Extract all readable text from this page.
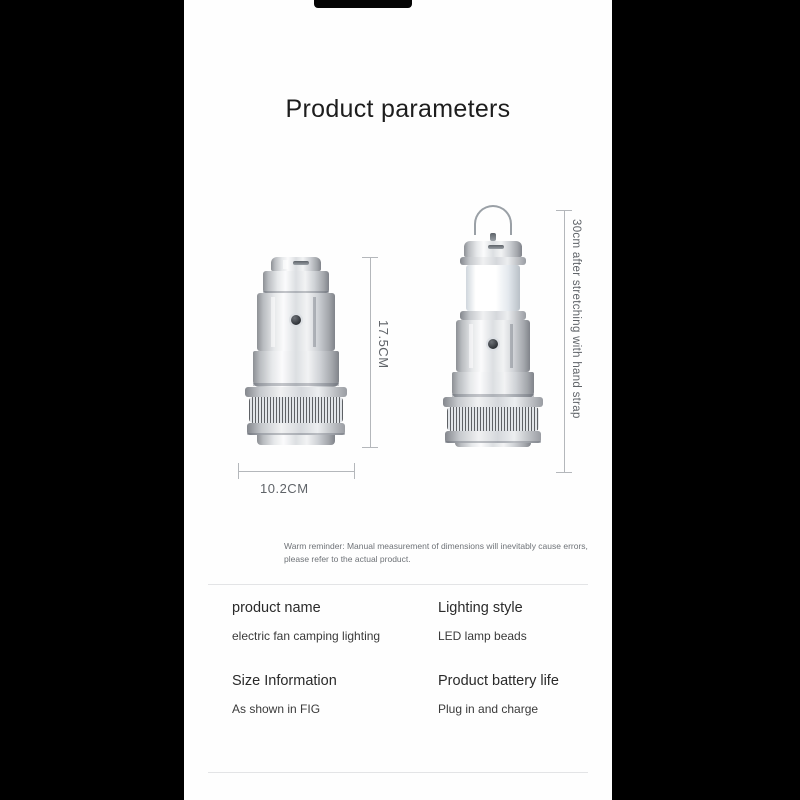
Product parameters
17.5CM
10.2CM
30cm after stretching with hand strap
Warm reminder: Manual measurement of dimensions will inevitably cause errors, please refer to the actual product.
product name
electric fan camping lighting
Size Information
As shown in FIG
Lighting style
LED lamp beads
Product battery life
Plug in and charge
